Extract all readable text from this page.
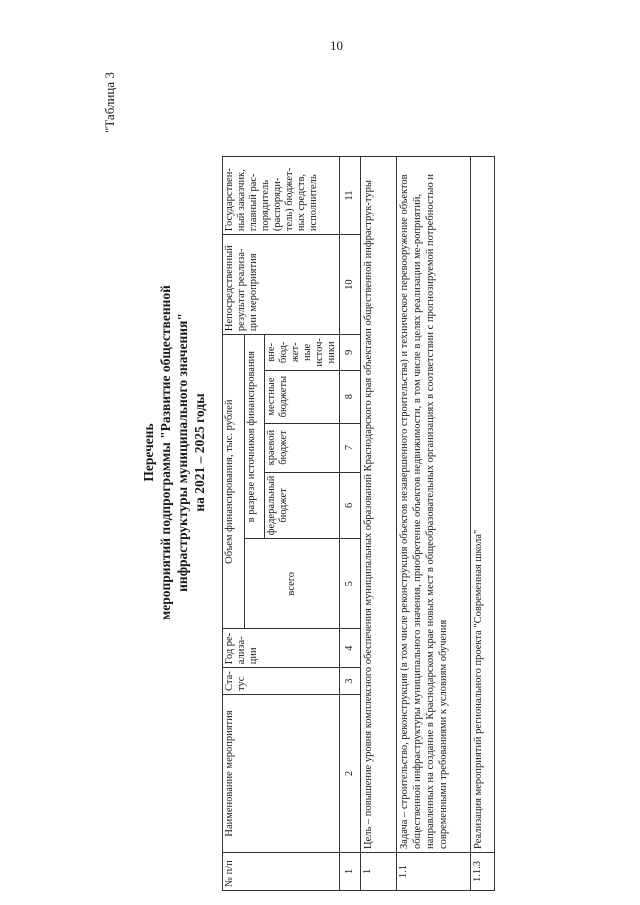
10
"Таблица 3
Перечень мероприятий подпрограммы "Развитие общественной инфраструктуры муниципального значения" на 2021 – 2025 годы
№ п/п	Наименование мероприятия	Ста-тус	Год ре-ализа-ции	Объем финансирования, тыс. рублей					Непосредственный результат реализа-ции мероприятия	Государствен-ный заказчик, главный рас-порядитель (распоряди-тель) бюджет-ных средств, исполнитель
				всего	в разрезе источников финансирования					
					федеральный бюджет	краевой бюджет	местные бюджеты	вне-бюд-жет-ные источ-ники		
1	2	3	4	5	6	7	8	9	10	11
1	Цель – повышение уровня комплексного обеспечения муниципальных образований Краснодарского края объектами общественной инфраструк-туры									
1.1	Задача – строительство, реконструкция (в том числе реконструкция объектов незавершенного строительства) и техническое перевооружение объектов общественной инфраструктуры муниципального значения, приобретение объектов недвижимости, в том числе в целях реализации ме-роприятий, направленных на создание в Краснодарском крае новых мест в общеобразовательных организациях в соответствии с прогнозируемой потребностью и современными требованиями к условиям обучения									
1.1.3	Реализация мероприятий регионального проекта "Современная школа"									
